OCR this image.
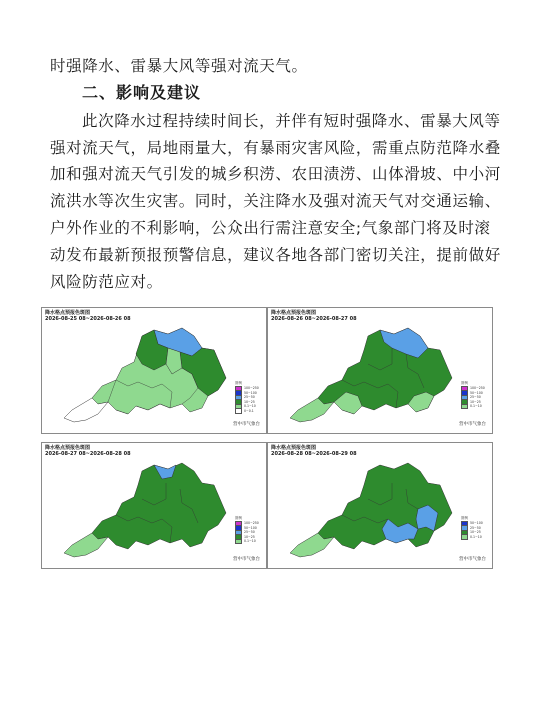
时强降水、雷暴大风等强对流天气。
二、影响及建议
此次降水过程持续时间长，并伴有短时强降水、雷暴大风等
强对流天气，局地雨量大，有暴雨灾害风险，需重点防范降水叠
加和强对流天气引发的城乡积涝、农田渍涝、山体滑坡、中小河
流洪水等次生灾害。同时，关注降水及强对流天气对交通运输、
户外作业的不利影响，公众出行需注意安全;气象部门将及时滚
动发布最新预报预警信息，建议各地各部门密切关注，提前做好
风险防范应对。
降水格点预报色斑图
2026-08-25 08~2026-08-26 08
图例
100~250
50~100
25~50
10~25
0.1~10
0~0.1
营中市气象台
降水格点预报色斑图
2026-08-26 08~2026-08-27 08
图例
100~250
50~100
25~50
10~25
0.1~10
营中市气象台
降水格点预报色斑图
2026-08-27 08~2026-08-28 08
图例
100~250
50~100
25~50
10~25
0.1~10
营中市气象台
降水格点预报色斑图
2026-08-28 08~2026-08-29 08
图例
50~100
25~50
10~25
0.1~10
营中市气象台
